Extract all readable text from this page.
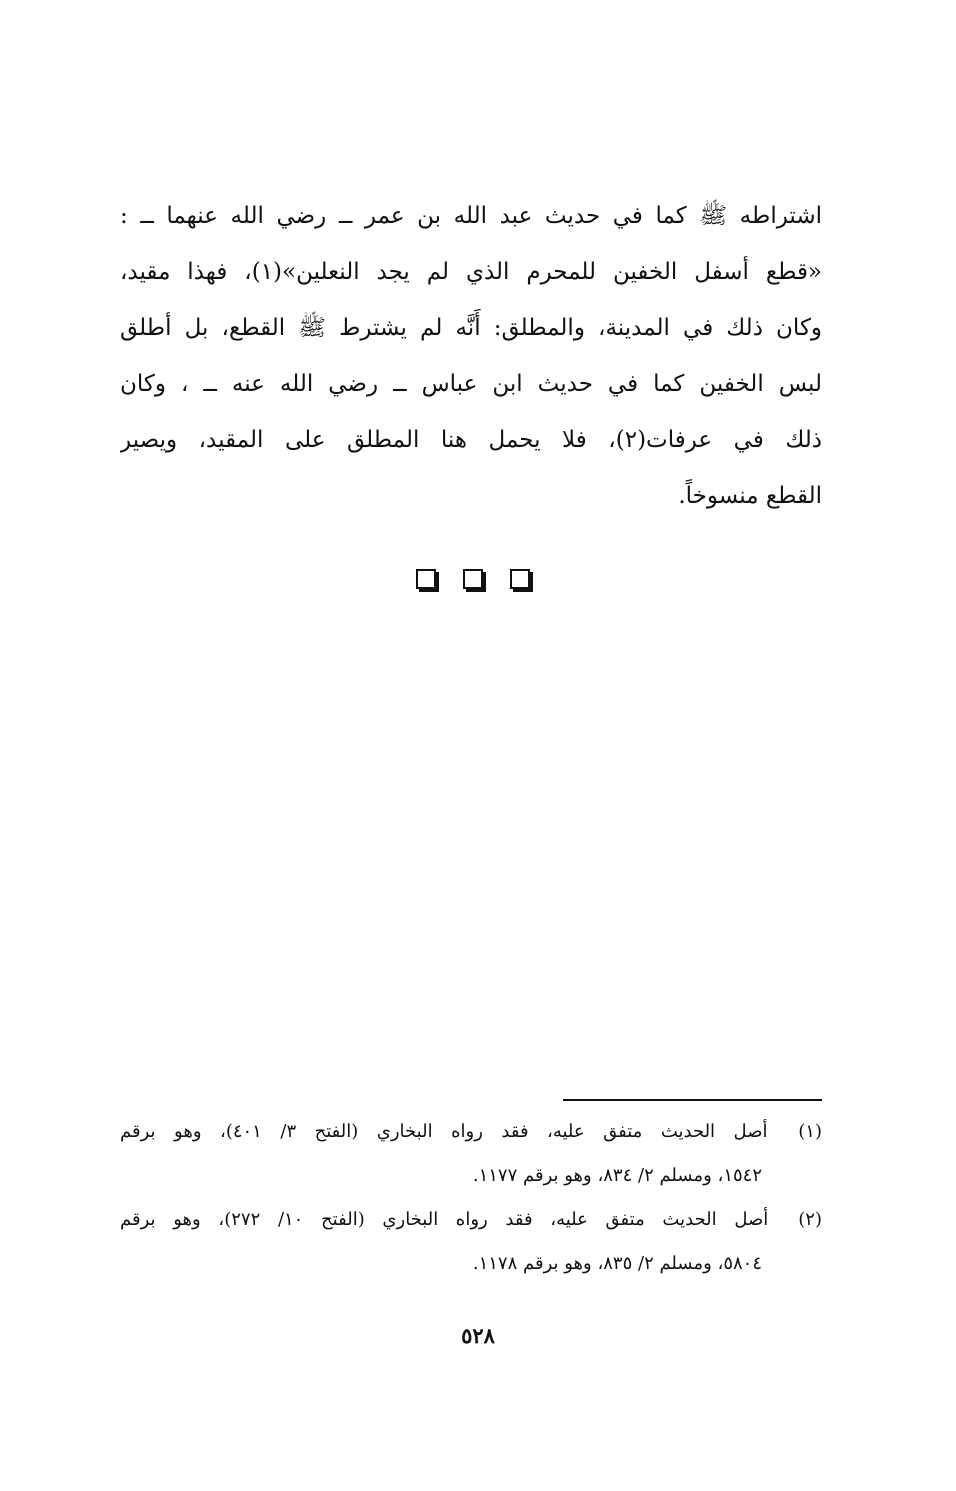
اشتراطه ﷺ كما في حديث عبد الله بن عمر ــ رضي الله عنهما ــ :
«قطع أسفل الخفين للمحرم الذي لم يجد النعلين»(١)، فهذا مقيد،
وكان ذلك في المدينة، والمطلق: أَنَّه لم يشترط ﷺ القطع، بل أطلق
لبس الخفين كما في حديث ابن عباس ــ رضي الله عنه ــ ، وكان
ذلك في عرفات(٢)، فلا يحمل هنا المطلق على المقيد، ويصير
القطع منسوخاً.
(١) أصل الحديث متفق عليه، فقد رواه البخاري (الفتح ٣/ ٤٠١)، وهو برقم
١٥٤٢، ومسلم ٢/ ٨٣٤، وهو برقم ١١٧٧.
(٢) أصل الحديث متفق عليه، فقد رواه البخاري (الفتح ١٠/ ٢٧٢)، وهو برقم
٥٨٠٤، ومسلم ٢/ ٨٣٥، وهو برقم ١١٧٨.
٥٢٨
